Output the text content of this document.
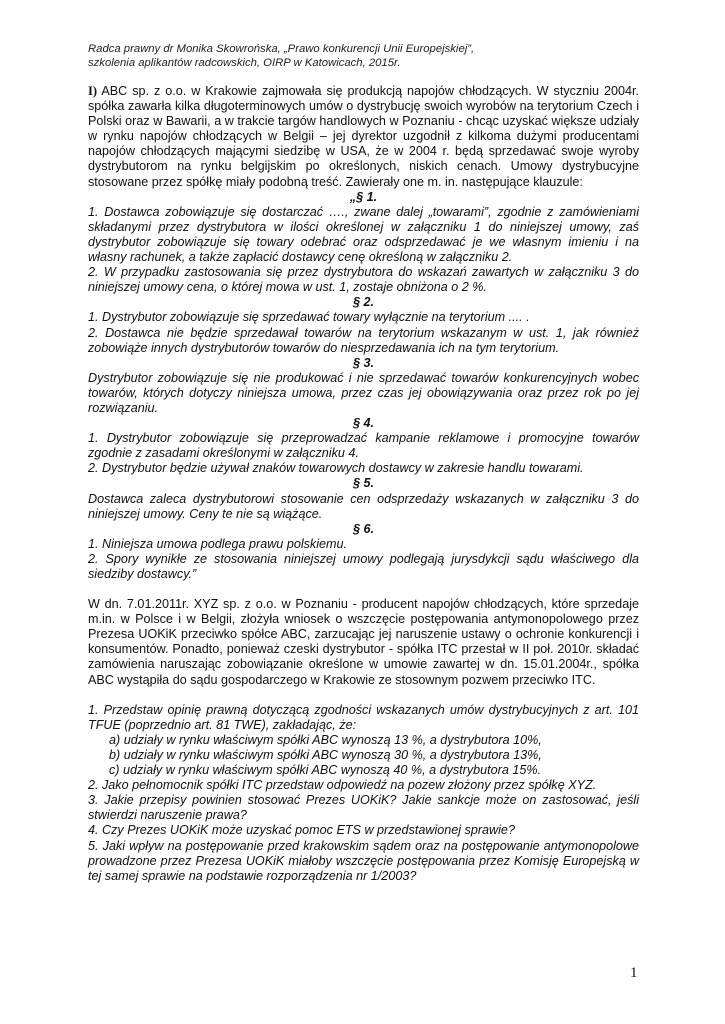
Radca prawny dr Monika Skowrońska, „Prawo konkurencji Unii Europejskiej”,
szkolenia aplikantów radcowskich, OIRP w Katowicach, 2015r.

I) ABC sp. z o.o. w Krakowie zajmowała się produkcją napojów chłodzących. W styczniu 2004r. spółka zawarła kilka długoterminowych umów o dystrybucję swoich wyrobów na terytorium Czech i Polski oraz w Bawarii, a w trakcie targów handlowych w Poznaniu - chcąc uzyskać większe udziały w rynku napojów chłodzących w Belgii – jej dyrektor uzgodnił z kilkoma dużymi producentami napojów chłodzących mającymi siedzibę w USA, że w 2004 r. będą sprzedawać swoje wyroby dystrybutorom na rynku belgijskim po określonych, niskich cenach. Umowy dystrybucyjne stosowane przez spółkę miały podobną treść. Zawierały one m. in. następujące klauzule:

„§ 1.

1. Dostawca zobowiązuje się dostarczać …., zwane dalej „towarami”, zgodnie z zamówieniami składanymi przez dystrybutora w ilości określonej w załączniku 1 do niniejszej umowy, zaś dystrybutor zobowiązuje się towary odebrać oraz odsprzedawać je we własnym imieniu i na własny rachunek, a także zapłacić dostawcy cenę określoną w załączniku 2.

2. W przypadku zastosowania się przez dystrybutora do wskazań zawartych w załączniku 3 do niniejszej umowy cena, o której mowa w ust. 1, zostaje obniżona o 2 %.

§ 2.

1. Dystrybutor zobowiązuje się sprzedawać towary wyłącznie na terytorium .... .

2. Dostawca nie będzie sprzedawał towarów na terytorium wskazanym w ust. 1, jak również zobowiąże innych dystrybutorów towarów do niesprzedawania ich na tym terytorium.

§ 3.

Dystrybutor zobowiązuje się nie produkować i nie sprzedawać towarów konkurencyjnych wobec towarów, których dotyczy niniejsza umowa, przez czas jej obowiązywania oraz przez rok po jej rozwiązaniu.

§ 4.

1. Dystrybutor zobowiązuje się przeprowadzać kampanie reklamowe i promocyjne towarów zgodnie z zasadami określonymi w załączniku 4.

2. Dystrybutor będzie używał znaków towarowych dostawcy w zakresie handlu towarami.

§ 5.

Dostawca zaleca dystrybutorowi stosowanie cen odsprzedaży wskazanych w załączniku 3 do niniejszej umowy. Ceny te nie są wiążące.

§ 6.

1. Niniejsza umowa podlega prawu polskiemu.

2. Spory wynikłe ze stosowania niniejszej umowy podlegają jurysdykcji sądu właściwego dla siedziby dostawcy.”

W dn. 7.01.2011r. XYZ sp. z o.o. w Poznaniu - producent napojów chłodzących, które sprzedaje m.in. w Polsce i w Belgii, złożyła wniosek o wszczęcie postępowania antymonopolowego przez Prezesa UOKiK przeciwko spółce ABC, zarzucając jej naruszenie ustawy o ochronie konkurencji i konsumentów. Ponadto, ponieważ czeski dystrybutor - spółka ITC przestał w II poł. 2010r. składać zamówienia naruszając zobowiązanie określone w umowie zawartej w dn. 15.01.2004r., spółka ABC wystąpiła do sądu gospodarczego w Krakowie ze stosownym pozwem przeciwko ITC.

1. Przedstaw opinię prawną dotyczącą zgodności wskazanych umów dystrybucyjnych z art. 101 TFUE (poprzednio art. 81 TWE), zakładając, że:

a) udziały w rynku właściwym spółki ABC wynoszą 13 %, a dystrybutora 10%,

b) udziały w rynku właściwym spółki ABC wynoszą 30 %, a dystrybutora 13%,

c) udziały w rynku właściwym spółki ABC wynoszą 40 %, a dystrybutora 15%.

2. Jako pełnomocnik spółki ITC przedstaw odpowiedź na pozew złożony przez spółkę XYZ.

3. Jakie przepisy powinien stosować Prezes UOKiK? Jakie sankcje może on zastosować, jeśli stwierdzi naruszenie prawa?

4. Czy Prezes UOKiK może uzyskać pomoc ETS w przedstawionej sprawie?

5. Jaki wpływ na postępowanie przed krakowskim sądem oraz na postępowanie antymonopolowe prowadzone przez Prezesa UOKiK miałoby wszczęcie postępowania przez Komisję Europejską w tej samej sprawie na podstawie rozporządzenia nr 1/2003?

1
